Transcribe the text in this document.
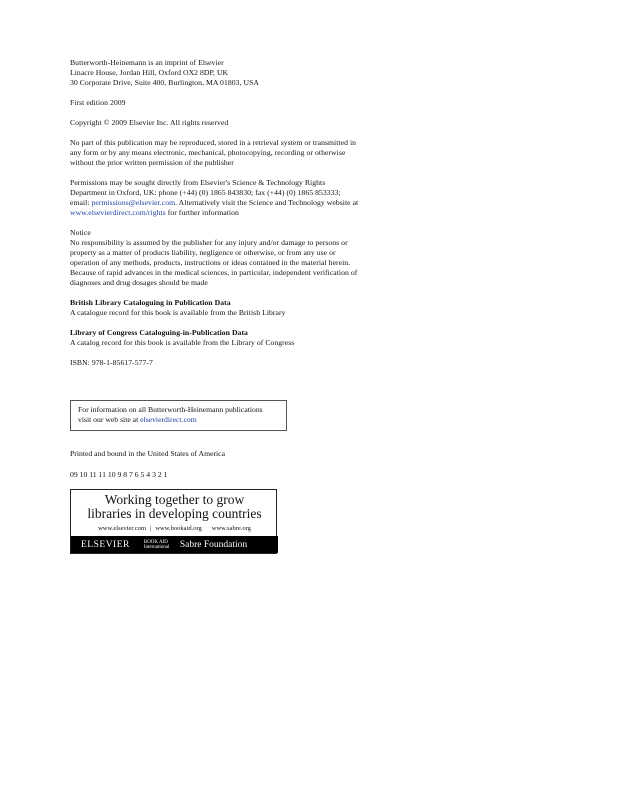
Butterworth-Heinemann is an imprint of Elsevier
Linacre House, Jordan Hill, Oxford OX2 8DP, UK
30 Corporate Drive, Suite 400, Burlington, MA 01803, USA
First edition 2009
Copyright © 2009 Elsevier Inc. All rights reserved
No part of this publication may be reproduced, stored in a retrieval system or transmitted in
any form or by any means electronic, mechanical, photocopying, recording or otherwise
without the prior written permission of the publisher
Permissions may be sought directly from Elsevier's Science & Technology Rights
Department in Oxford, UK: phone (+44) (0) 1865 843830; fax (+44) (0) 1865 853333;
email: permissions@elsevier.com. Alternatively visit the Science and Technology website at
www.elsevierdirect.com/rights for further information
Notice
No responsibility is assumed by the publisher for any injury and/or damage to persons or
property as a matter of products liability, negligence or otherwise, or from any use or
operation of any methods, products, instructions or ideas contained in the material herein.
Because of rapid advances in the medical sciences, in particular, independent verification of
diagnoses and drug dosages should be made
British Library Cataloguing in Publication Data
A catalogue record for this book is available from the British Library
Library of Congress Cataloguing-in-Publication Data
A catalog record for this book is available from the Library of Congress
ISBN: 978-1-85617-577-7
For information on all Butterworth-Heinemann publications
visit our web site at elsevierdirect.com
Printed and bound in the United States of America
09 10 11 11 10 9 8 7 6 5 4 3 2 1
Working together to grow
libraries in developing countries
www.elsevier.com | www.bookaid.org www.sabre.org
ELSEVIER	BOOK AID International Sabre Foundation
